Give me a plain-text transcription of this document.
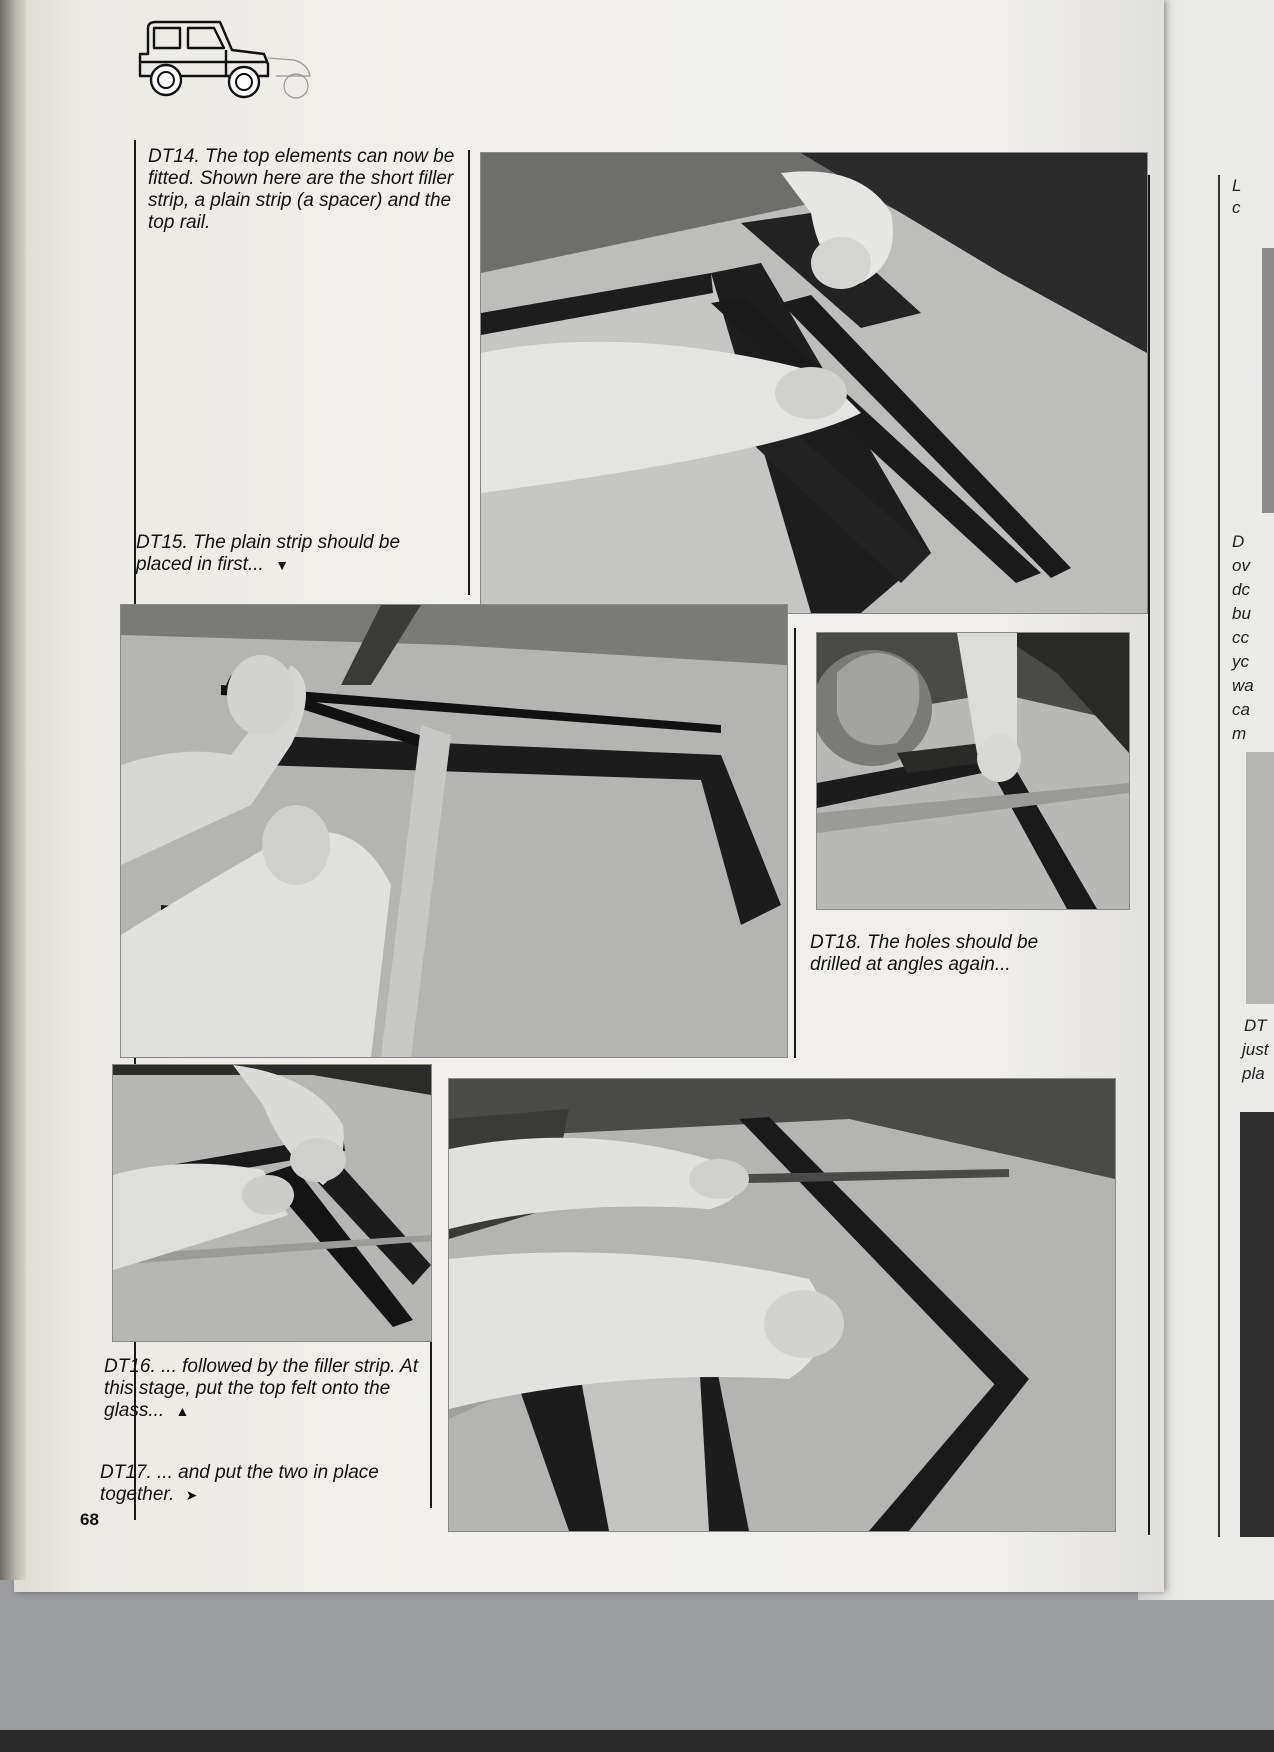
L
c
D
ov
dc
bu
cc
yc
wa
ca
m
DT
just
pla
DT14. The top elements can now be fitted. Shown here are the short filler strip, a plain strip (a spacer) and the top rail.
DT15. The plain strip should be placed in first... ▼
DT18. The holes should be drilled at angles again...
DT16. ... followed by the filler strip. At this stage, put the top felt onto the glass... ▲
DT17. ... and put the two in place together. ➤
68
